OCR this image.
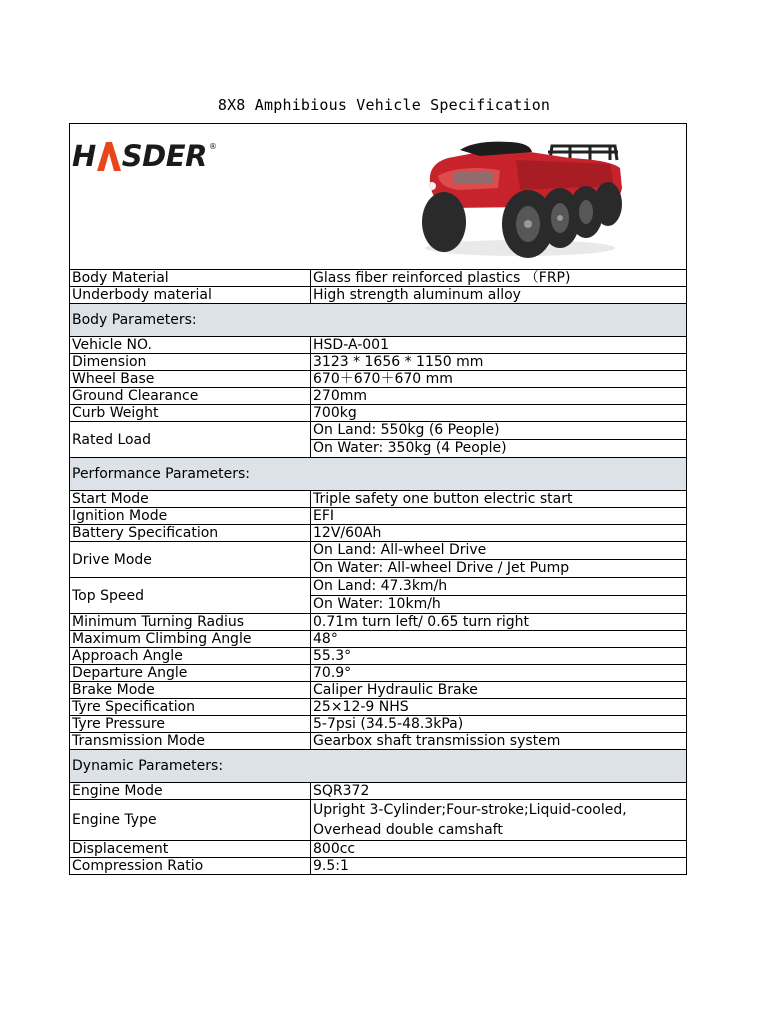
8X8 Amphibious Vehicle Specification
H S D E R ®
Body Material	Glass fiber reinforced plastics （FRP)
Underbody material	High strength aluminum alloy
Body Parameters:	
Vehicle NO.	HSD-A-001
Dimension	3123 * 1656 * 1150 mm
Wheel Base	670＋670＋670 mm
Ground Clearance	270mm
Curb Weight	700kg
Rated Load	On Land: 550kg (6 People)
On Water: 350kg (4 People)

Performance Parameters:	
Start Mode	Triple safety one button electric start
Ignition Mode	EFI
Battery Specification	12V/60Ah
Drive Mode	On Land: All-wheel Drive
On Water: All-wheel Drive / Jet Pump

Top Speed	On Land: 47.3km/h
On Water: 10km/h

Minimum Turning Radius	0.71m turn left/ 0.65 turn right
Maximum Climbing Angle	48°
Approach Angle	55.3°
Departure Angle	70.9°
Brake Mode	Caliper Hydraulic Brake
Tyre Specification	25×12-9 NHS
Tyre Pressure	5-7psi (34.5-48.3kPa)
Transmission Mode	Gearbox shaft transmission system
Dynamic Parameters:	
Engine Mode	SQR372
Engine Type	Upright 3-Cylinder;Four-stroke;Liquid-cooled, Overhead double camshaft
Displacement	800cc
Compression Ratio	9.5:1
